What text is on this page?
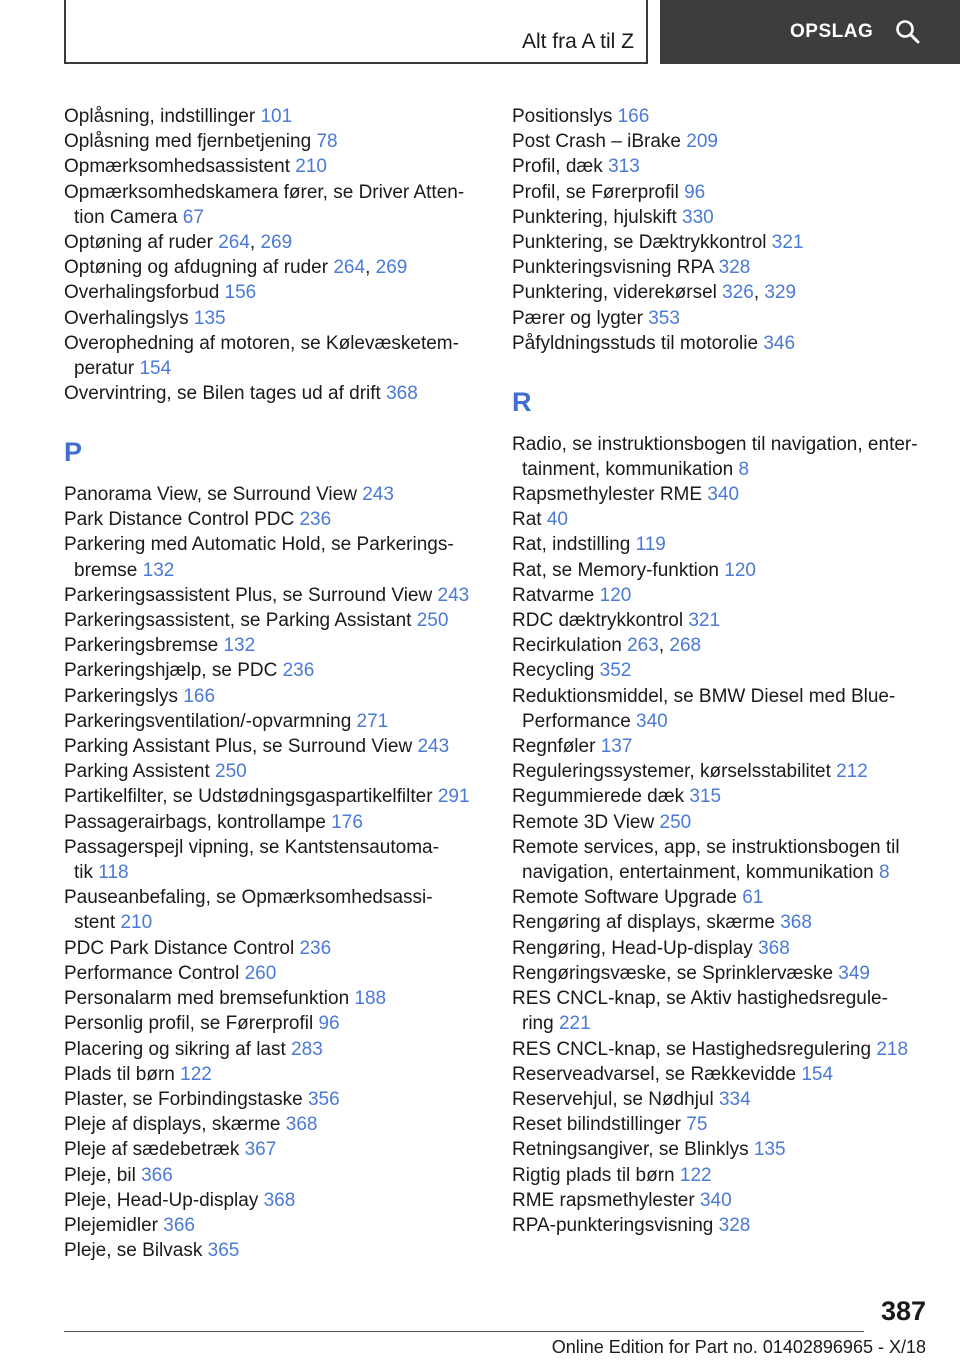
Alt fra A til Z	OPSLAG
Oplåsning, indstillinger 101
Oplåsning med fjernbetjening 78
Opmærksomhedsassistent 210
Opmærksomhedskamera fører, se Driver Atten‐
tion Camera 67
Optøning af ruder 264, 269
Optøning og afdugning af ruder 264, 269
Overhalingsforbud 156
Overhalingslys 135
Overophedning af motoren, se Kølevæsketem‐
peratur 154
Overvintring, se Bilen tages ud af drift 368
P
Panorama View, se Surround View 243
Park Distance Control PDC 236
Parkering med Automatic Hold, se Parkerings‐
bremse 132
Parkeringsassistent Plus, se Surround View 243
Parkeringsassistent, se Parking Assistant 250
Parkeringsbremse 132
Parkeringshjælp, se PDC 236
Parkeringslys 166
Parkeringsventilation/-opvarmning 271
Parking Assistant Plus, se Surround View 243
Parking Assistent 250
Partikelfilter, se Udstødningsgaspartikelfilter 291
Passagerairbags, kontrollampe 176
Passagerspejl vipning, se Kantstensautoma‐
tik 118
Pauseanbefaling, se Opmærksomhedsassi‐
stent 210
PDC Park Distance Control 236
Performance Control 260
Personalarm med bremsefunktion 188
Personlig profil, se Førerprofil 96
Placering og sikring af last 283
Plads til børn 122
Plaster, se Forbindingstaske 356
Pleje af displays, skærme 368
Pleje af sædebetræk 367
Pleje, bil 366
Pleje, Head-Up-display 368
Plejemidler 366
Pleje, se Bilvask 365
Positionslys 166
Post Crash – iBrake 209
Profil, dæk 313
Profil, se Førerprofil 96
Punktering, hjulskift 330
Punktering, se Dæktrykkontrol 321
Punkteringsvisning RPA 328
Punktering, viderekørsel 326, 329
Pærer og lygter 353
Påfyldningsstuds til motorolie 346
R
Radio, se instruktionsbogen til navigation, enter‐
tainment, kommunikation 8
Rapsmethylester RME 340
Rat 40
Rat, indstilling 119
Rat, se Memory-funktion 120
Ratvarme 120
RDC dæktrykkontrol 321
Recirkulation 263, 268
Recycling 352
Reduktionsmiddel, se BMW Diesel med Blue‐
Performance 340
Regnføler 137
Reguleringssystemer, kørselsstabilitet 212
Regummierede dæk 315
Remote 3D View 250
Remote services, app, se instruktionsbogen til
navigation, entertainment, kommunikation 8
Remote Software Upgrade 61
Rengøring af displays, skærme 368
Rengøring, Head-Up-display 368
Rengøringsvæske, se Sprinklervæske 349
RES CNCL-knap, se Aktiv hastighedsregule‐
ring 221
RES CNCL-knap, se Hastighedsregulering 218
Reserveadvarsel, se Rækkevidde 154
Reservehjul, se Nødhjul 334
Reset bilindstillinger 75
Retningsangiver, se Blinklys 135
Rigtig plads til børn 122
RME rapsmethylester 340
RPA-punkteringsvisning 328
387
Online Edition for Part no. 01402896965 - X/18
